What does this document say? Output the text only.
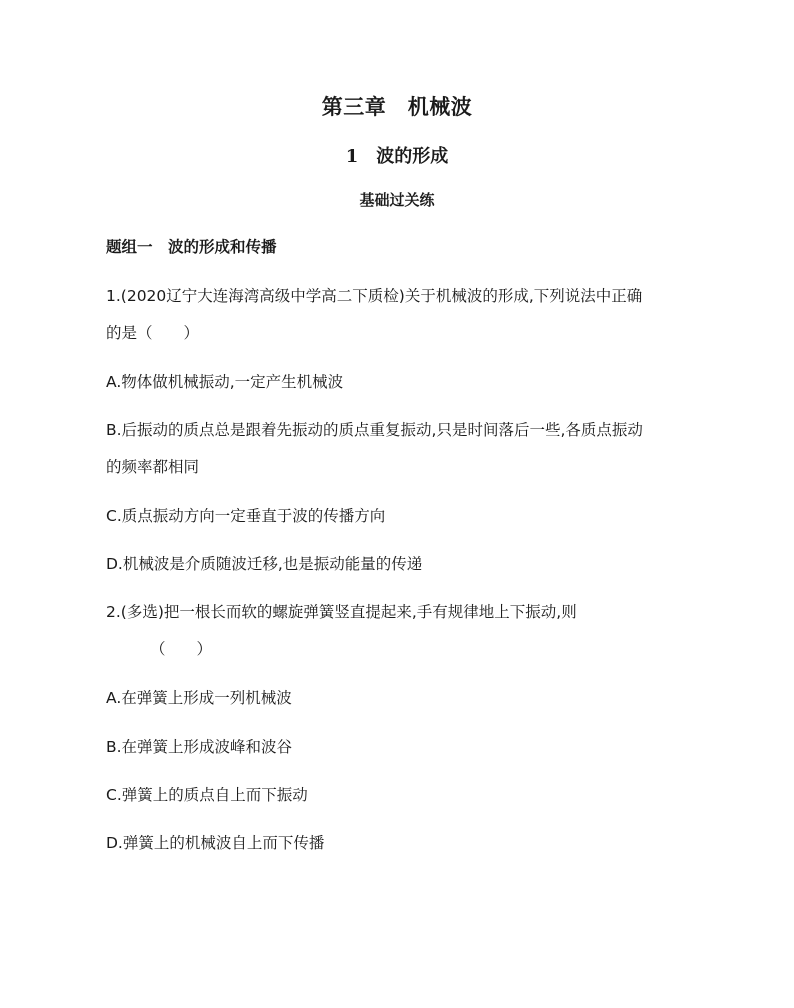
第三章　机械波
1　波的形成
基础过关练
题组一　波的形成和传播
1.(2020辽宁大连海湾高级中学高二下质检)关于机械波的形成,下列说法中正确
的是（　　）
A.物体做机械振动,一定产生机械波
B.后振动的质点总是跟着先振动的质点重复振动,只是时间落后一些,各质点振动
的频率都相同
C.质点振动方向一定垂直于波的传播方向
D.机械波是介质随波迁移,也是振动能量的传递
2.(多选)把一根长而软的螺旋弹簧竖直提起来,手有规律地上下振动,则
（　　）
A.在弹簧上形成一列机械波
B.在弹簧上形成波峰和波谷
C.弹簧上的质点自上而下振动
D.弹簧上的机械波自上而下传播
